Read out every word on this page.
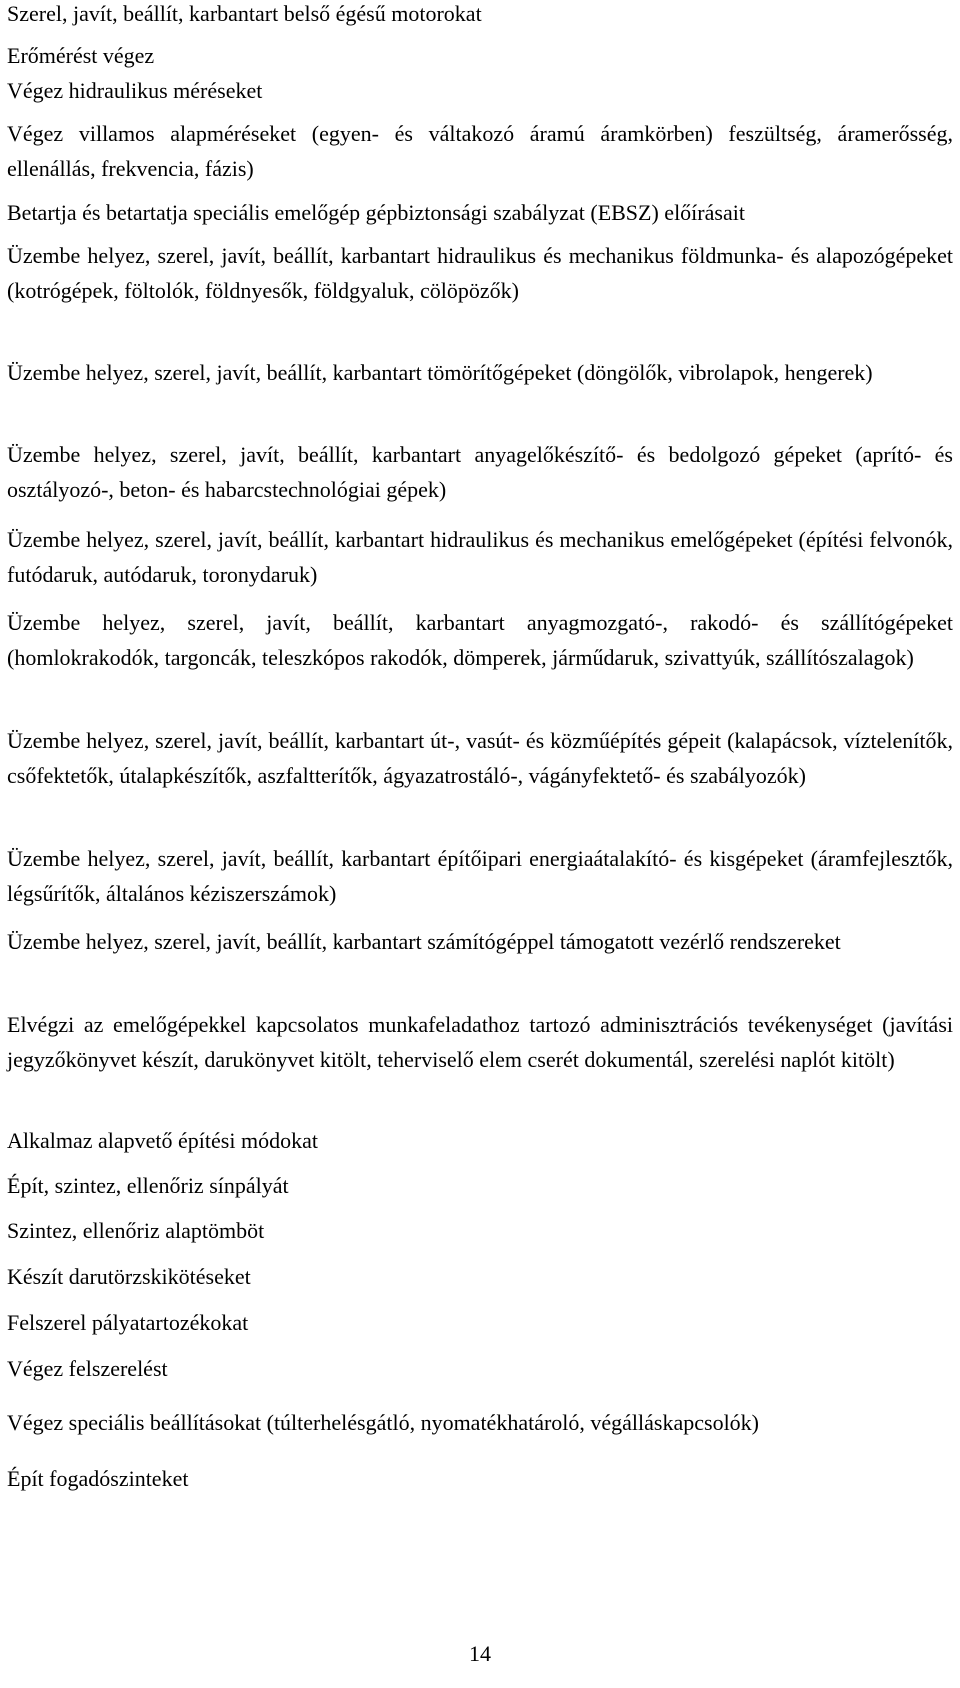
Szerel, javít, beállít, karbantart belső égésű motorokat

Erőmérést végez

Végez hidraulikus méréseket

Végez villamos alapméréseket (egyen- és váltakozó áramú áramkörben) feszültség, áramerősség, ellenállás, frekvencia, fázis)

Betartja és betartatja speciális emelőgép gépbiztonsági szabályzat (EBSZ) előírásait

Üzembe helyez, szerel, javít, beállít, karbantart hidraulikus és mechanikus földmunka- és alapozógépeket (kotrógépek, föltolók, földnyesők, földgyaluk, cölöpözők)

Üzembe helyez, szerel, javít, beállít, karbantart tömörítőgépeket (döngölők, vibrolapok, hengerek)

Üzembe helyez, szerel, javít, beállít, karbantart anyagelőkészítő- és bedolgozó gépeket (aprító- és osztályozó-, beton- és habarcstechnológiai gépek)

Üzembe helyez, szerel, javít, beállít, karbantart hidraulikus és mechanikus emelőgépeket (építési felvonók, futódaruk, autódaruk, toronydaruk)

Üzembe helyez, szerel, javít, beállít, karbantart anyagmozgató-, rakodó- és szállítógépeket (homlokrakodók, targoncák, teleszkópos rakodók, dömperek, járműdaruk, szivattyúk, szállítószalagok)

Üzembe helyez, szerel, javít, beállít, karbantart út-, vasút- és közműépítés gépeit (kalapácsok, víztelenítők, csőfektetők, útalapkészítők, aszfaltterítők, ágyazatrostáló-, vágányfektető- és szabályozók)

Üzembe helyez, szerel, javít, beállít, karbantart építőipari energiaátalakító- és kisgépeket (áramfejlesztők, légsűrítők, általános kéziszerszámok)

Üzembe helyez, szerel, javít, beállít, karbantart számítógéppel támogatott vezérlő rendszereket

Elvégzi az emelőgépekkel kapcsolatos munkafeladathoz tartozó adminisztrációs tevékenységet (javítási jegyzőkönyvet készít, darukönyvet kitölt, teherviselő elem cserét dokumentál, szerelési naplót kitölt)

Alkalmaz alapvető építési módokat

Épít, szintez, ellenőriz sínpályát

Szintez, ellenőriz alaptömböt

Készít darutörzskikötéseket

Felszerel pályatartozékokat

Végez felszerelést

Végez speciális beállításokat (túlterhelésgátló, nyomatékhatároló, végálláskapcsolók)

Épít fogadószinteket

14
